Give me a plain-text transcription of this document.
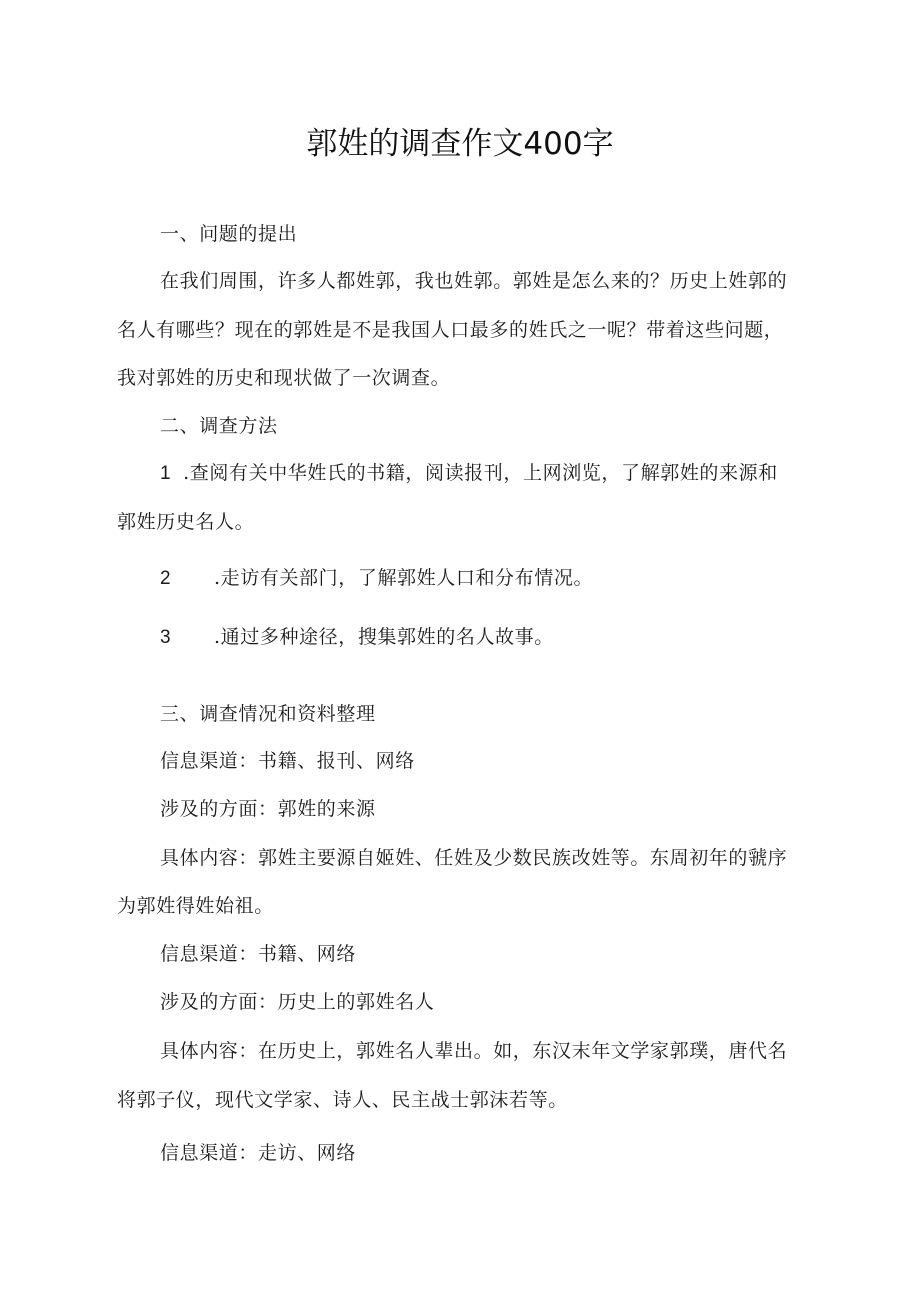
郭姓的调查作文400字
一、问题的提出
在我们周围，许多人都姓郭，我也姓郭。郭姓是怎么来的？历史上姓郭的
名人有哪些？现在的郭姓是不是我国人口最多的姓氏之一呢？带着这些问题，
我对郭姓的历史和现状做了一次调查。
二、调查方法
1 .查阅有关中华姓氏的书籍，阅读报刊，上网浏览，了解郭姓的来源和
郭姓历史名人。
2 .走访有关部门，了解郭姓人口和分布情况。
3 .通过多种途径，搜集郭姓的名人故事。
三、调查情况和资料整理
信息渠道：书籍、报刊、网络
涉及的方面：郭姓的来源
具体内容：郭姓主要源自姬姓、任姓及少数民族改姓等。东周初年的虢序
为郭姓得姓始祖。
信息渠道：书籍、网络
涉及的方面：历史上的郭姓名人
具体内容：在历史上，郭姓名人辈出。如，东汉末年文学家郭璞，唐代名
将郭子仪，现代文学家、诗人、民主战士郭沫若等。
信息渠道：走访、网络
